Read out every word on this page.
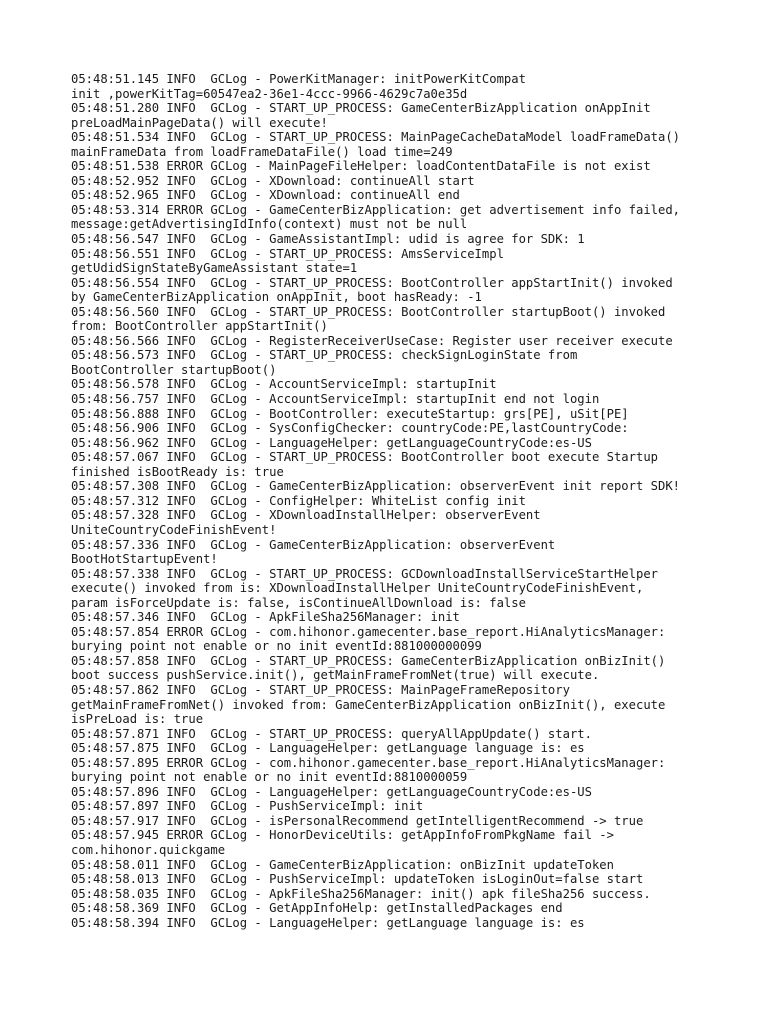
05:48:51.145 INFO  GCLog - PowerKitManager: initPowerKitCompat
init ,powerKitTag=60547ea2-36e1-4ccc-9966-4629c7a0e35d
05:48:51.280 INFO  GCLog - START_UP_PROCESS: GameCenterBizApplication onAppInit
preLoadMainPageData() will execute!
05:48:51.534 INFO  GCLog - START_UP_PROCESS: MainPageCacheDataModel loadFrameData()
mainFrameData from loadFrameDataFile() load time=249
05:48:51.538 ERROR GCLog - MainPageFileHelper: loadContentDataFile is not exist
05:48:52.952 INFO  GCLog - XDownload: continueAll start
05:48:52.965 INFO  GCLog - XDownload: continueAll end
05:48:53.314 ERROR GCLog - GameCenterBizApplication: get advertisement info failed,
message:getAdvertisingIdInfo(context) must not be null
05:48:56.547 INFO  GCLog - GameAssistantImpl: udid is agree for SDK: 1
05:48:56.551 INFO  GCLog - START_UP_PROCESS: AmsServiceImpl
getUdidSignStateByGameAssistant state=1
05:48:56.554 INFO  GCLog - START_UP_PROCESS: BootController appStartInit() invoked
by GameCenterBizApplication onAppInit, boot hasReady: -1
05:48:56.560 INFO  GCLog - START_UP_PROCESS: BootController startupBoot() invoked
from: BootController appStartInit()
05:48:56.566 INFO  GCLog - RegisterReceiverUseCase: Register user receiver execute
05:48:56.573 INFO  GCLog - START_UP_PROCESS: checkSignLoginState from
BootController startupBoot()
05:48:56.578 INFO  GCLog - AccountServiceImpl: startupInit
05:48:56.757 INFO  GCLog - AccountServiceImpl: startupInit end not login
05:48:56.888 INFO  GCLog - BootController: executeStartup: grs[PE], uSit[PE]
05:48:56.906 INFO  GCLog - SysConfigChecker: countryCode:PE,lastCountryCode:
05:48:56.962 INFO  GCLog - LanguageHelper: getLanguageCountryCode:es-US
05:48:57.067 INFO  GCLog - START_UP_PROCESS: BootController boot execute Startup
finished isBootReady is: true
05:48:57.308 INFO  GCLog - GameCenterBizApplication: observerEvent init report SDK!
05:48:57.312 INFO  GCLog - ConfigHelper: WhiteList config init
05:48:57.328 INFO  GCLog - XDownloadInstallHelper: observerEvent
UniteCountryCodeFinishEvent!
05:48:57.336 INFO  GCLog - GameCenterBizApplication: observerEvent
BootHotStartupEvent!
05:48:57.338 INFO  GCLog - START_UP_PROCESS: GCDownloadInstallServiceStartHelper
execute() invoked from is: XDownloadInstallHelper UniteCountryCodeFinishEvent,
param isForceUpdate is: false, isContinueAllDownload is: false
05:48:57.346 INFO  GCLog - ApkFileSha256Manager: init
05:48:57.854 ERROR GCLog - com.hihonor.gamecenter.base_report.HiAnalyticsManager:
burying point not enable or no init eventId:881000000099
05:48:57.858 INFO  GCLog - START_UP_PROCESS: GameCenterBizApplication onBizInit()
boot success pushService.init(), getMainFrameFromNet(true) will execute.
05:48:57.862 INFO  GCLog - START_UP_PROCESS: MainPageFrameRepository
getMainFrameFromNet() invoked from: GameCenterBizApplication onBizInit(), execute
isPreLoad is: true
05:48:57.871 INFO  GCLog - START_UP_PROCESS: queryAllAppUpdate() start.
05:48:57.875 INFO  GCLog - LanguageHelper: getLanguage language is: es
05:48:57.895 ERROR GCLog - com.hihonor.gamecenter.base_report.HiAnalyticsManager:
burying point not enable or no init eventId:8810000059
05:48:57.896 INFO  GCLog - LanguageHelper: getLanguageCountryCode:es-US
05:48:57.897 INFO  GCLog - PushServiceImpl: init
05:48:57.917 INFO  GCLog - isPersonalRecommend getIntelligentRecommend -> true
05:48:57.945 ERROR GCLog - HonorDeviceUtils: getAppInfoFromPkgName fail ->
com.hihonor.quickgame
05:48:58.011 INFO  GCLog - GameCenterBizApplication: onBizInit updateToken
05:48:58.013 INFO  GCLog - PushServiceImpl: updateToken isLoginOut=false start
05:48:58.035 INFO  GCLog - ApkFileSha256Manager: init() apk fileSha256 success.
05:48:58.369 INFO  GCLog - GetAppInfoHelp: getInstalledPackages end
05:48:58.394 INFO  GCLog - LanguageHelper: getLanguage language is: es
